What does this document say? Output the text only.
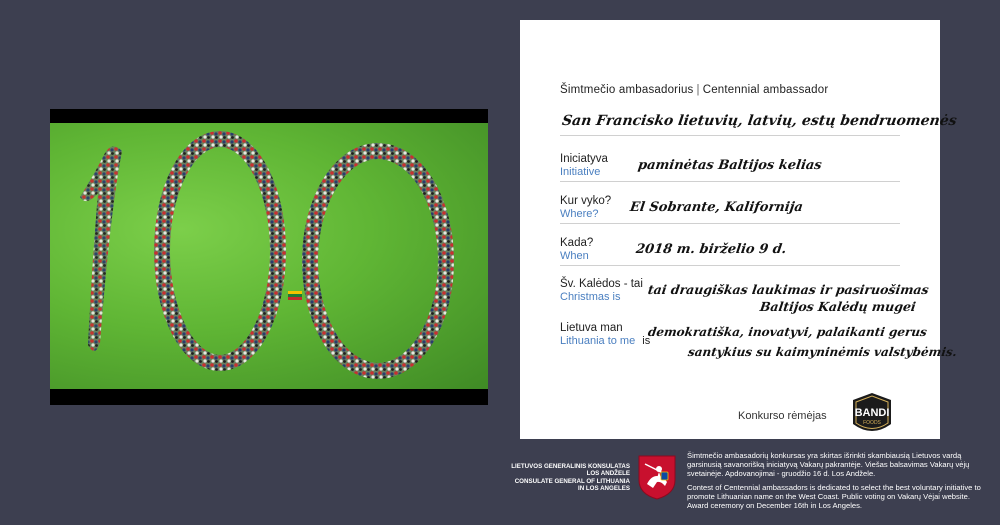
Šimtmečio ambasadorius | Centennial ambassador
San Francisko lietuvių, latvių, estų bendruomenės
Iniciatyva
Initiative	paminėtas Baltijos kelias
Kur vyko?
Where?	El Sobrante, Kalifornija
Kada?
When	2018 m. birželio 9 d.
Šv. Kalėdos - tai
Christmas is	tai draugiškas laukimas ir pasiruošimas
Baltijos Kalėdų mugei
Lietuva man
Lithuania to me is
demokratiška, inovatyvi, palaikanti gerus
santykius su kaimyninėmis valstybėmis.
Konkurso rėmėjas	BANDI
FOODS
LIETUVOS GENERALINIS KONSULATAS
LOS ANDŽELE
CONSULATE GENERAL OF LITHUANIA
IN LOS ANGELES

Šimtmečio ambasadorių konkursas yra skirtas išrinkti skambiausią Lietuvos vardą garsinusią savanorišką iniciatyvą Vakarų pakrantėje. Viešas balsavimas Vakarų vėjų svetainėje. Apdovanojimai - gruodžio 16 d. Los Andžele.

Contest of Centennial ambassadors is dedicated to select the best voluntary initiative to promote Lithuanian name on the West Coast. Public voting on Vakarų Vėjai website. Award ceremony on December 16th in Los Angeles.
